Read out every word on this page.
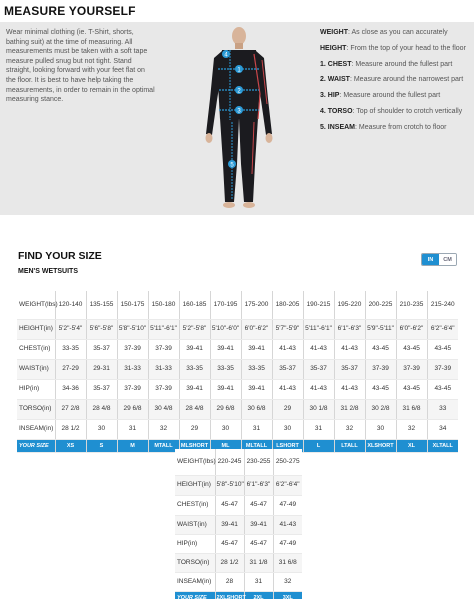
MEASURE YOURSELF
Wear minimal clothing (ie. T-Shirt, shorts, bathing suit) at the time of measuring. All measurements must be taken with a soft tape measure pulled snug but not tight. Stand straight, looking forward with your feet flat on the floor. It is best to have help taking the measurements, in order to remain in the optimal measuring stance.
1
2
3
4
5
WEIGHT: As close as you can accurately
HEIGHT: From the top of your head to the floor
1. CHEST: Measure around the fullest part
2. WAIST: Measure around the narrowest part
3. HIP: Measure around the fullest part
4. TORSO: Top of shoulder to crotch vertically
5. INSEAM: Measure from crotch to floor
FIND YOUR SIZE
MEN'S WETSUITS
IN	CM
WEIGHT(lbs)	120-140	135-155	150-175	150-180	160-185	170-195	175-200	180-205	190-215	195-220	200-225	210-235	215-240
HEIGHT(in)	5'2"-5'4"	5'6"-5'8"	5'8"-5'10"	5'11"-6'1"	5'2"-5'8"	5'10"-6'0"	6'0"-6'2"	5'7"-5'9"	5'11"-6'1"	6'1"-6'3"	5'9"-5'11"	6'0"-6'2"	6'2"-6'4"
CHEST(in)	33-35	35-37	37-39	37-39	39-41	39-41	39-41	41-43	41-43	41-43	43-45	43-45	43-45
WAIST(in)	27-29	29-31	31-33	31-33	33-35	33-35	33-35	35-37	35-37	35-37	37-39	37-39	37-39
HIP(in)	34-36	35-37	37-39	37-39	39-41	39-41	39-41	41-43	41-43	41-43	43-45	43-45	43-45
TORSO(in)	27 2/8	28 4/8	29 6/8	30 4/8	28 4/8	29 6/8	30 6/8	29	30 1/8	31 2/8	30 2/8	31 6/8	33
INSEAM(in)	28 1/2	30	31	32	29	30	31	30	31	32	30	32	34
YOUR SIZE	XS	S	M	MTALL	MLSHORT	ML	MLTALL	LSHORT	L	LTALL	XLSHORT	XL	XLTALL
WEIGHT(lbs)	220-245	230-255	250-275
HEIGHT(in)	5'8"-5'10"	6'1"-6'3"	6'2"-6'4"
CHEST(in)	45-47	45-47	47-49
WAIST(in)	39-41	39-41	41-43
HIP(in)	45-47	45-47	47-49
TORSO(in)	28 1/2	31 1/8	31 6/8
INSEAM(in)	28	31	32
YOUR SIZE	2XLSHORT	2XL	3XL
